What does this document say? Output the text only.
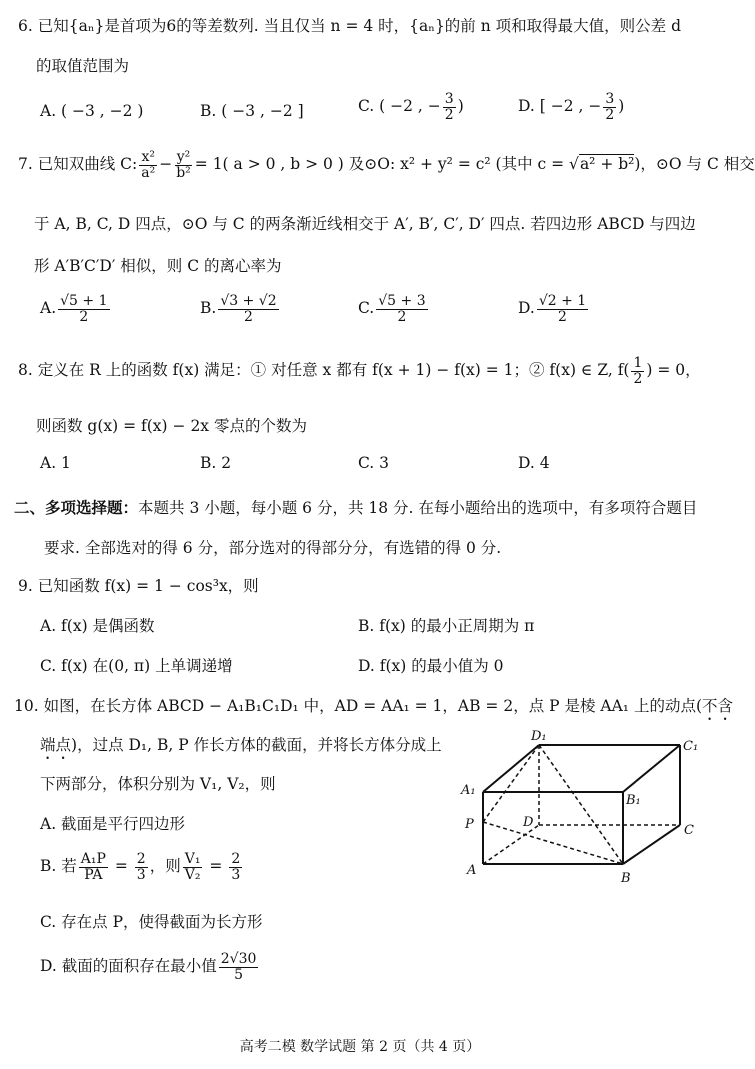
6. 已知{aₙ}是首项为6的等差数列. 当且仅当 n = 4 时，{aₙ}的前 n 项和取得最大值，则公差 d
的取值范围为
A. ( −3 , −2 )	B. ( −3 , −2 ]	C. ( −2 , − $\frac{3}{2}$ )	D. [ −2 , − $\frac{3}{2}$ )
7. 已知双曲线 C: $\frac{\text{x²}}{\text{a²}} - \frac{\text{y²}}{\text{b²}} = 1$( a > 0 , b > 0 ) 及⊙O: x² + y² = c² (其中 c = √a² + b²)，⊙O 与 C 相交
于 A, B, C, D 四点，⊙O 与 C 的两条渐近线相交于 A′, B′, C′, D′ 四点. 若四边形 ABCD 与四边
形 A′B′C′D′ 相似，则 C 的离心率为
A. $\frac{√5 + 1}{2}$	B. $\frac{√3 + √2}{2}$	C. $\frac{√5 + 3}{2}$	D. $\frac{√2 + 1}{2}$
8. 定义在 R 上的函数 f(x) 满足：① 对任意 x 都有 f(x + 1) − f(x) = 1；② f(x) ∈ Z, $f( \frac{1}{2}$ ) = 0，
则函数 g(x) = f(x) − 2x 零点的个数为
A. 1	B. 2	C. 3	D. 4
二、多项选择题：本题共 3 小题，每小题 6 分，共 18 分. 在每小题给出的选项中，有多项符合题目
要求. 全部选对的得 6 分，部分选对的得部分分，有选错的得 0 分.
9. 已知函数 f(x) = 1 − cos³x，则
A. f(x) 是偶函数	B. f(x) 的最小正周期为 π
C. f(x) 在(0, π) 上单调递增	D. f(x) 的最小值为 0
10. 如图，在长方体 ABCD − A₁B₁C₁D₁ 中，AD = AA₁ = 1，AB = 2，点 P 是棱 AA₁ 上的动点(不含
端点)，过点 D₁, B, P 作长方体的截面，并将长方体分成上
下两部分，体积分别为 V₁, V₂，则
A. 截面是平行四边形
B. 若 $\frac{\text{A₁P}}{PA} = \frac{2}{3}$ ，则 $\frac{\text{V₁}}{\text{V₂}} = \frac{2}{3}$
C. 存在点 P，使得截面为长方形
D. 截面的面积存在最小值 $\frac{2√30}{5}$
D₁
C₁
A₁
B₁
P	D
C
A
B
高考二模 数学试题 第 2 页（共 4 页）
